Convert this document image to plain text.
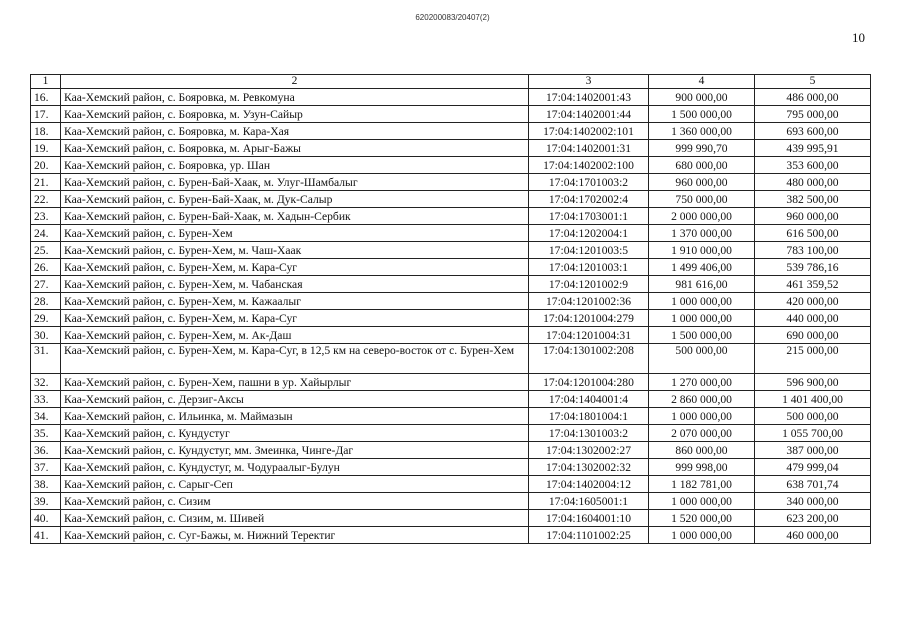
620200083/20407(2)
10
1	2	3	4	5
16.	Каа-Хемский район, с. Бояровка, м. Ревкомуна	17:04:1402001:43	900 000,00	486 000,00
17.	Каа-Хемский район, с. Бояровка, м. Узун-Сайыр	17:04:1402001:44	1 500 000,00	795 000,00
18.	Каа-Хемский район, с. Бояровка, м. Кара-Хая	17:04:1402002:101	1 360 000,00	693 600,00
19.	Каа-Хемский район, с. Бояровка, м. Арыг-Бажы	17:04:1402001:31	999 990,70	439 995,91
20.	Каа-Хемский район, с. Бояровка, ур. Шан	17:04:1402002:100	680 000,00	353 600,00
21.	Каа-Хемский район, с. Бурен-Бай-Хаак, м. Улуг-Шамбалыг	17:04:1701003:2	960 000,00	480 000,00
22.	Каа-Хемский район, с. Бурен-Бай-Хаак, м. Дук-Салыр	17:04:1702002:4	750 000,00	382 500,00
23.	Каа-Хемский район, с. Бурен-Бай-Хаак, м. Хадын-Сербик	17:04:1703001:1	2 000 000,00	960 000,00
24.	Каа-Хемский район, с. Бурен-Хем	17:04:1202004:1	1 370 000,00	616 500,00
25.	Каа-Хемский район, с. Бурен-Хем, м. Чаш-Хаак	17:04:1201003:5	1 910 000,00	783 100,00
26.	Каа-Хемский район, с. Бурен-Хем, м. Кара-Суг	17:04:1201003:1	1 499 406,00	539 786,16
27.	Каа-Хемский район, с. Бурен-Хем, м. Чабанская	17:04:1201002:9	981 616,00	461 359,52
28.	Каа-Хемский район, с. Бурен-Хем, м. Кажаалыг	17:04:1201002:36	1 000 000,00	420 000,00
29.	Каа-Хемский район, с. Бурен-Хем, м. Кара-Суг	17:04:1201004:279	1 000 000,00	440 000,00
30.	Каа-Хемский район, с. Бурен-Хем, м. Ак-Даш	17:04:1201004:31	1 500 000,00	690 000,00
31.	Каа-Хемский район, с. Бурен-Хем, м. Кара-Суг, в 12,5 км на северо-восток от с. Бурен-Хем	17:04:1301002:208	500 000,00	215 000,00
32.	Каа-Хемский район, с. Бурен-Хем, пашни в ур. Хайырлыг	17:04:1201004:280	1 270 000,00	596 900,00
33.	Каа-Хемский район, с. Дерзиг-Аксы	17:04:1404001:4	2 860 000,00	1 401 400,00
34.	Каа-Хемский район, с. Ильинка, м. Маймазын	17:04:1801004:1	1 000 000,00	500 000,00
35.	Каа-Хемский район, с. Кундустуг	17:04:1301003:2	2 070 000,00	1 055 700,00
36.	Каа-Хемский район, с. Кундустуг, мм. Змеинка, Чинге-Даг	17:04:1302002:27	860 000,00	387 000,00
37.	Каа-Хемский район, с. Кундустуг, м. Чодураалыг-Булун	17:04:1302002:32	999 998,00	479 999,04
38.	Каа-Хемский район, с. Сарыг-Сеп	17:04:1402004:12	1 182 781,00	638 701,74
39.	Каа-Хемский район, с. Сизим	17:04:1605001:1	1 000 000,00	340 000,00
40.	Каа-Хемский район, с. Сизим, м. Шивей	17:04:1604001:10	1 520 000,00	623 200,00
41.	Каа-Хемский район, с. Суг-Бажы, м. Нижний Теректиг	17:04:1101002:25	1 000 000,00	460 000,00
